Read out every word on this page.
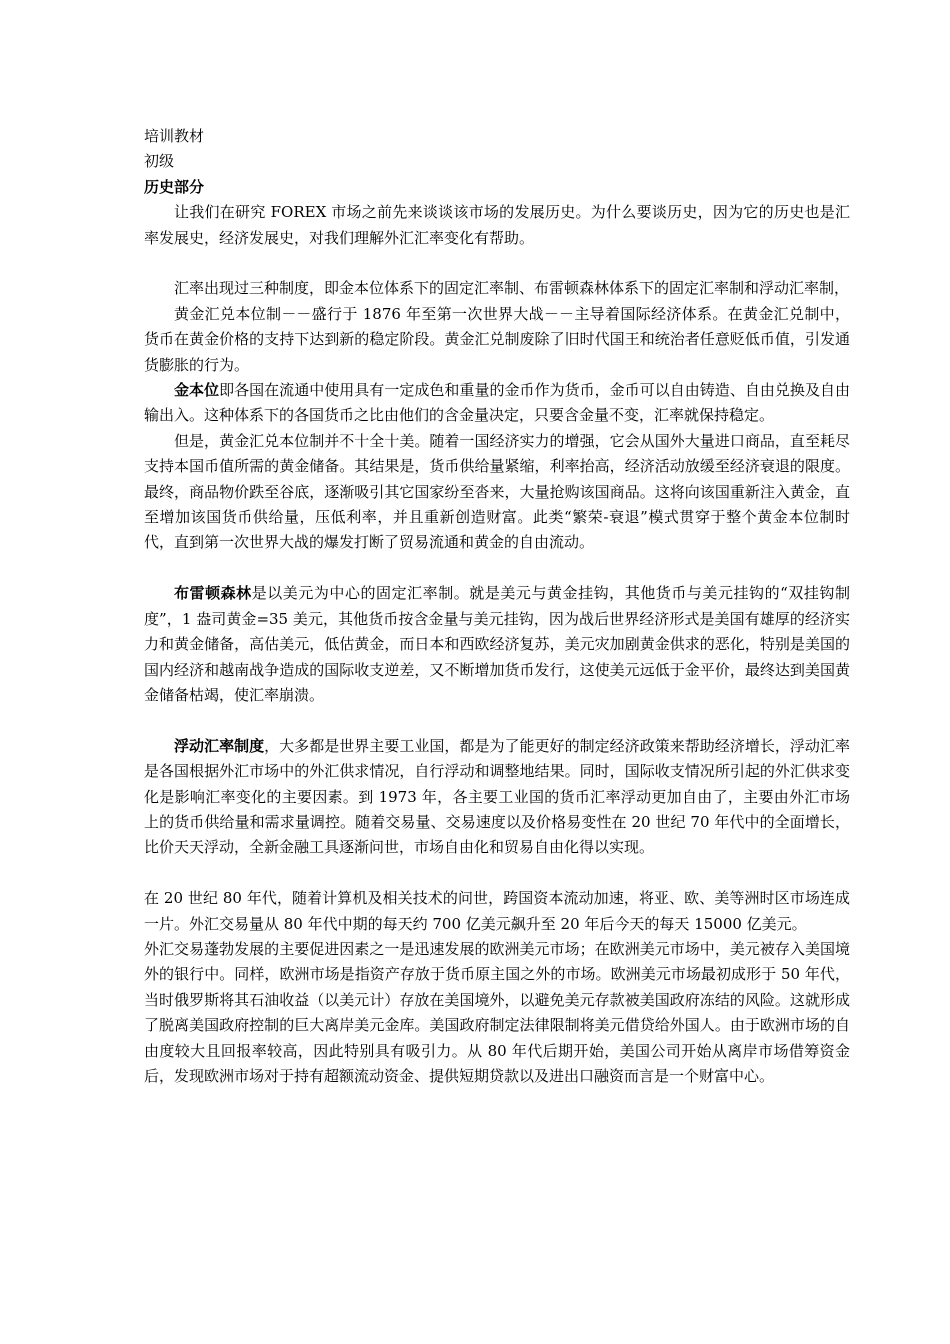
培训教材

初级

历史部分

让我们在研究 FOREX 市场之前先来谈谈该市场的发展历史。为什么要谈历史，因为它的历史也是汇率发展史，经济发展史，对我们理解外汇汇率变化有帮助。

汇率出现过三种制度，即金本位体系下的固定汇率制、布雷顿森林体系下的固定汇率制和浮动汇率制，

黄金汇兑本位制－－盛行于 1876 年至第一次世界大战－－主导着国际经济体系。在黄金汇兑制中，货币在黄金价格的支持下达到新的稳定阶段。黄金汇兑制废除了旧时代国王和统治者任意贬低币值，引发通货膨胀的行为。

金本位即各国在流通中使用具有一定成色和重量的金币作为货币，金币可以自由铸造、自由兑换及自由输出入。这种体系下的各国货币之比由他们的含金量决定，只要含金量不变，汇率就保持稳定。

但是，黄金汇兑本位制并不十全十美。随着一国经济实力的增强，它会从国外大量进口商品，直至耗尽支持本国币值所需的黄金储备。其结果是，货币供给量紧缩，利率抬高，经济活动放缓至经济衰退的限度。 最终，商品物价跌至谷底，逐渐吸引其它国家纷至沓来，大量抢购该国商品。这将向该国重新注入黄金，直至增加该国货币供给量，压低利率，并且重新创造财富。此类“繁荣-衰退”模式贯穿于整个黄金本位制时代，直到第一次世界大战的爆发打断了贸易流通和黄金的自由流动。

布雷顿森林是以美元为中心的固定汇率制。就是美元与黄金挂钩，其他货币与美元挂钩的“双挂钩制度”，1 盎司黄金=35 美元，其他货币按含金量与美元挂钩，因为战后世界经济形式是美国有雄厚的经济实力和黄金储备，高估美元，低估黄金，而日本和西欧经济复苏，美元灾加剧黄金供求的恶化，特别是美国的国内经济和越南战争造成的国际收支逆差，又不断增加货币发行，这使美元远低于金平价，最终达到美国黄金储备枯竭，使汇率崩溃。

浮动汇率制度，大多都是世界主要工业国，都是为了能更好的制定经济政策来帮助经济增长，浮动汇率是各国根据外汇市场中的外汇供求情况，自行浮动和调整地结果。同时，国际收支情况所引起的外汇供求变化是影响汇率变化的主要因素。到 1973 年，各主要工业国的货币汇率浮动更加自由了，主要由外汇市场上的货币供给量和需求量调控。随着交易量、交易速度以及价格易变性在 20 世纪 70 年代中的全面增长，比价天天浮动，全新金融工具逐渐问世，市场自由化和贸易自由化得以实现。

在 20 世纪 80 年代，随着计算机及相关技术的问世，跨国资本流动加速，将亚、欧、美等洲时区市场连成一片。外汇交易量从 80 年代中期的每天约 700 亿美元飙升至 20 年后今天的每天 15000 亿美元。

外汇交易蓬勃发展的主要促进因素之一是迅速发展的欧洲美元市场；在欧洲美元市场中，美元被存入美国境外的银行中。同样，欧洲市场是指资产存放于货币原主国之外的市场。欧洲美元市场最初成形于 50 年代，当时俄罗斯将其石油收益（以美元计）存放在美国境外，以避免美元存款被美国政府冻结的风险。这就形成了脱离美国政府控制的巨大离岸美元金库。美国政府制定法律限制将美元借贷给外国人。由于欧洲市场的自由度较大且回报率较高，因此特别具有吸引力。从 80 年代后期开始，美国公司开始从离岸市场借筹资金后，发现欧洲市场对于持有超额流动资金、提供短期贷款以及进出口融资而言是一个财富中心。
